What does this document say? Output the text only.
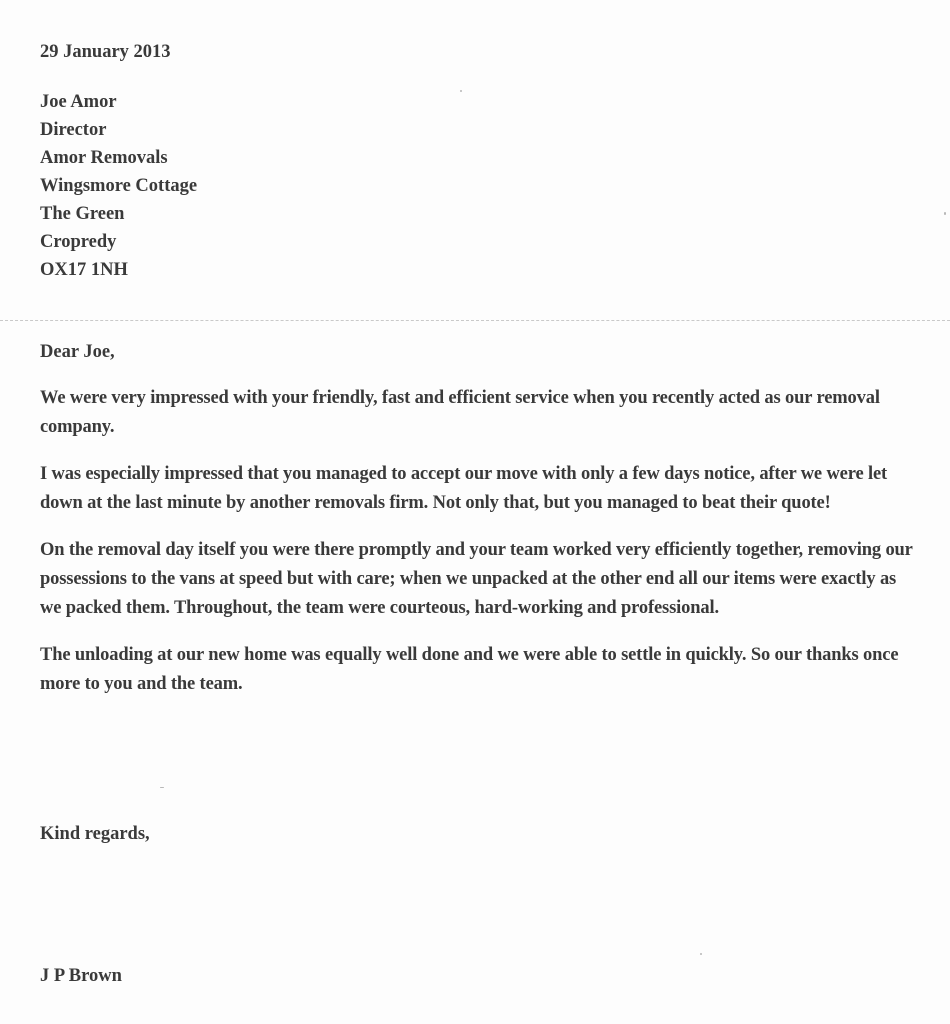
29 January 2013

Joe Amor
Director
Amor Removals
Wingsmore Cottage
The Green
Cropredy
OX17 1NH

Dear Joe,

We were very impressed with your friendly, fast and efficient service when you recently acted as our removal company.

I was especially impressed that you managed to accept our move with only a few days notice, after we were let down at the last minute by another removals firm. Not only that, but you managed to beat their quote!

On the removal day itself you were there promptly and your team worked very efficiently together, removing our possessions to the vans at speed but with care; when we unpacked at the other end all our items were exactly as we packed them. Throughout, the team were courteous, hard-working and professional.

The unloading at our new home was equally well done and we were able to settle in quickly. So our thanks once more to you and the team.

Kind regards,

J P Brown
